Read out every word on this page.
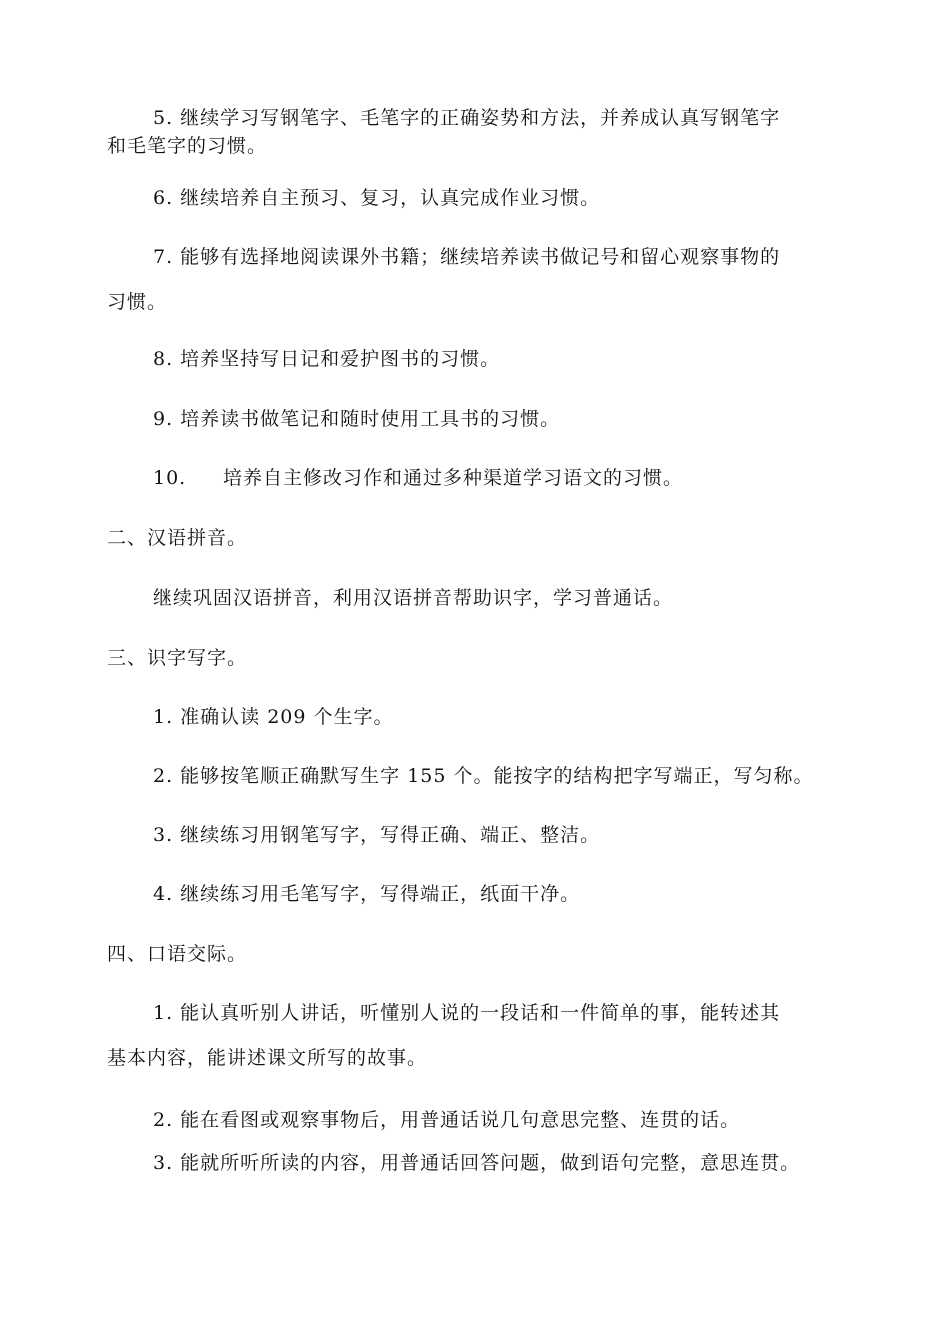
5. 继续学习写钢笔字、毛笔字的正确姿势和方法，并养成认真写钢笔字
和毛笔字的习惯。
6. 继续培养自主预习、复习，认真完成作业习惯。
7. 能够有选择地阅读课外书籍；继续培养读书做记号和留心观察事物的
习惯。
8. 培养坚持写日记和爱护图书的习惯。
9. 培养读书做笔记和随时使用工具书的习惯。
10. 培养自主修改习作和通过多种渠道学习语文的习惯。
二、汉语拼音。
继续巩固汉语拼音，利用汉语拼音帮助识字，学习普通话。
三、识字写字。
1. 准确认读 209 个生字。
2. 能够按笔顺正确默写生字 155 个。能按字的结构把字写端正，写匀称。
3. 继续练习用钢笔写字，写得正确、端正、整洁。
4. 继续练习用毛笔写字，写得端正，纸面干净。
四、口语交际。
1. 能认真听别人讲话，听懂别人说的一段话和一件简单的事，能转述其
基本内容，能讲述课文所写的故事。
2. 能在看图或观察事物后，用普通话说几句意思完整、连贯的话。
3. 能就所听所读的内容，用普通话回答问题，做到语句完整，意思连贯。
